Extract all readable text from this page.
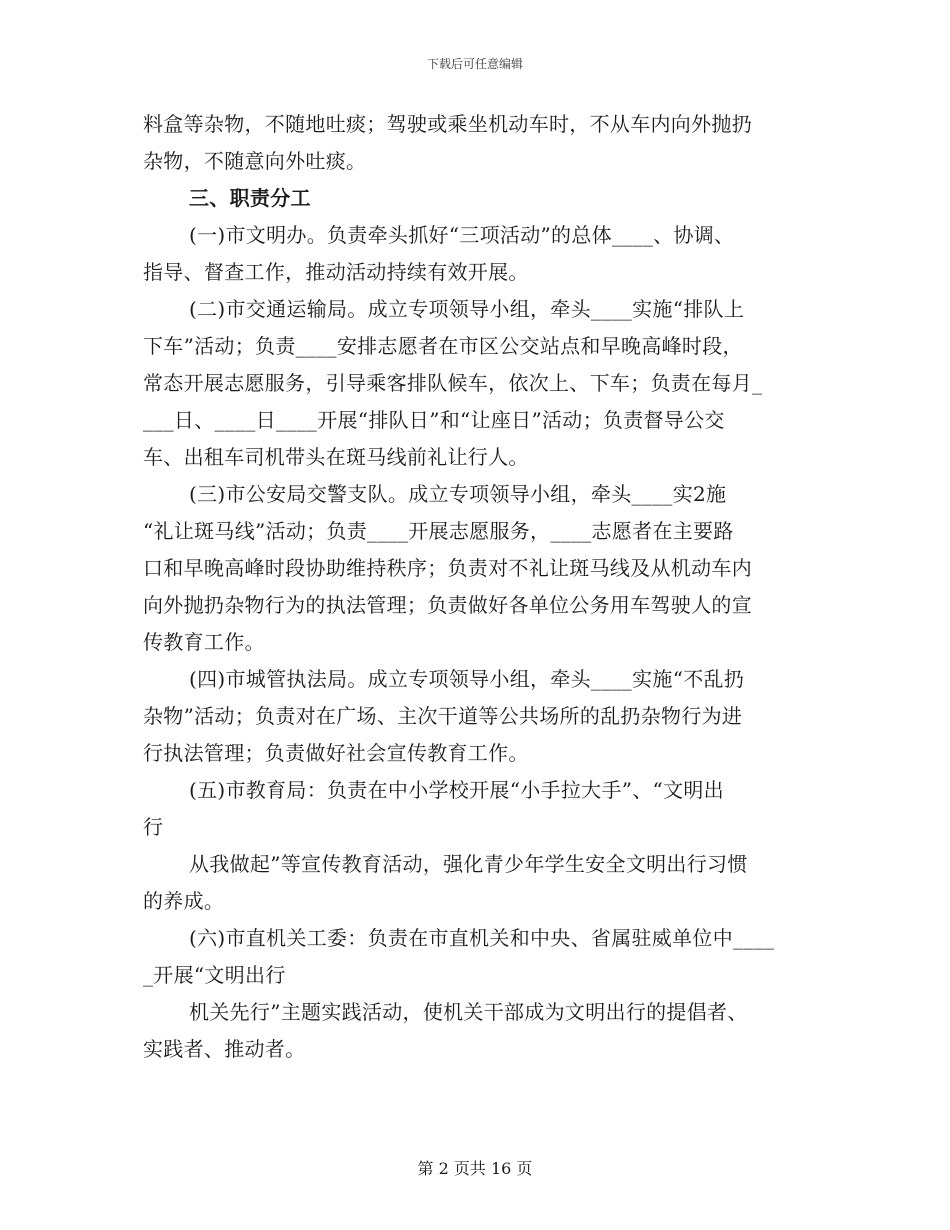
下载后可任意编辑
料盒等杂物，不随地吐痰；驾驶或乘坐机动车时，不从车内向外抛扔
杂物，不随意向外吐痰。
三、职责分工
(一)市文明办。负责牵头抓好“三项活动”的总体____、协调、
指导、督查工作，推动活动持续有效开展。
(二)市交通运输局。成立专项领导小组，牵头____实施“排队上
下车”活动；负责____安排志愿者在市区公交站点和早晚高峰时段，
常态开展志愿服务，引导乘客排队候车，依次上、下车；负责在每月_
___日、____日____开展“排队日”和“让座日”活动；负责督导公交
车、出租车司机带头在斑马线前礼让行人。
(三)市公安局交警支队。成立专项领导小组，牵头____实2施
“礼让斑马线”活动；负责____开展志愿服务，____志愿者在主要路
口和早晚高峰时段协助维持秩序；负责对不礼让斑马线及从机动车内
向外抛扔杂物行为的执法管理；负责做好各单位公务用车驾驶人的宣
传教育工作。
(四)市城管执法局。成立专项领导小组，牵头____实施“不乱扔
杂物”活动；负责对在广场、主次干道等公共场所的乱扔杂物行为进
行执法管理；负责做好社会宣传教育工作。
(五)市教育局：负责在中小学校开展“小手拉大手”、“文明出
行
从我做起”等宣传教育活动，强化青少年学生安全文明出行习惯
的养成。
(六)市直机关工委：负责在市直机关和中央、省属驻威单位中____
_开展“文明出行
机关先行”主题实践活动，使机关干部成为文明出行的提倡者、
实践者、推动者。
第 2 页共 16 页
